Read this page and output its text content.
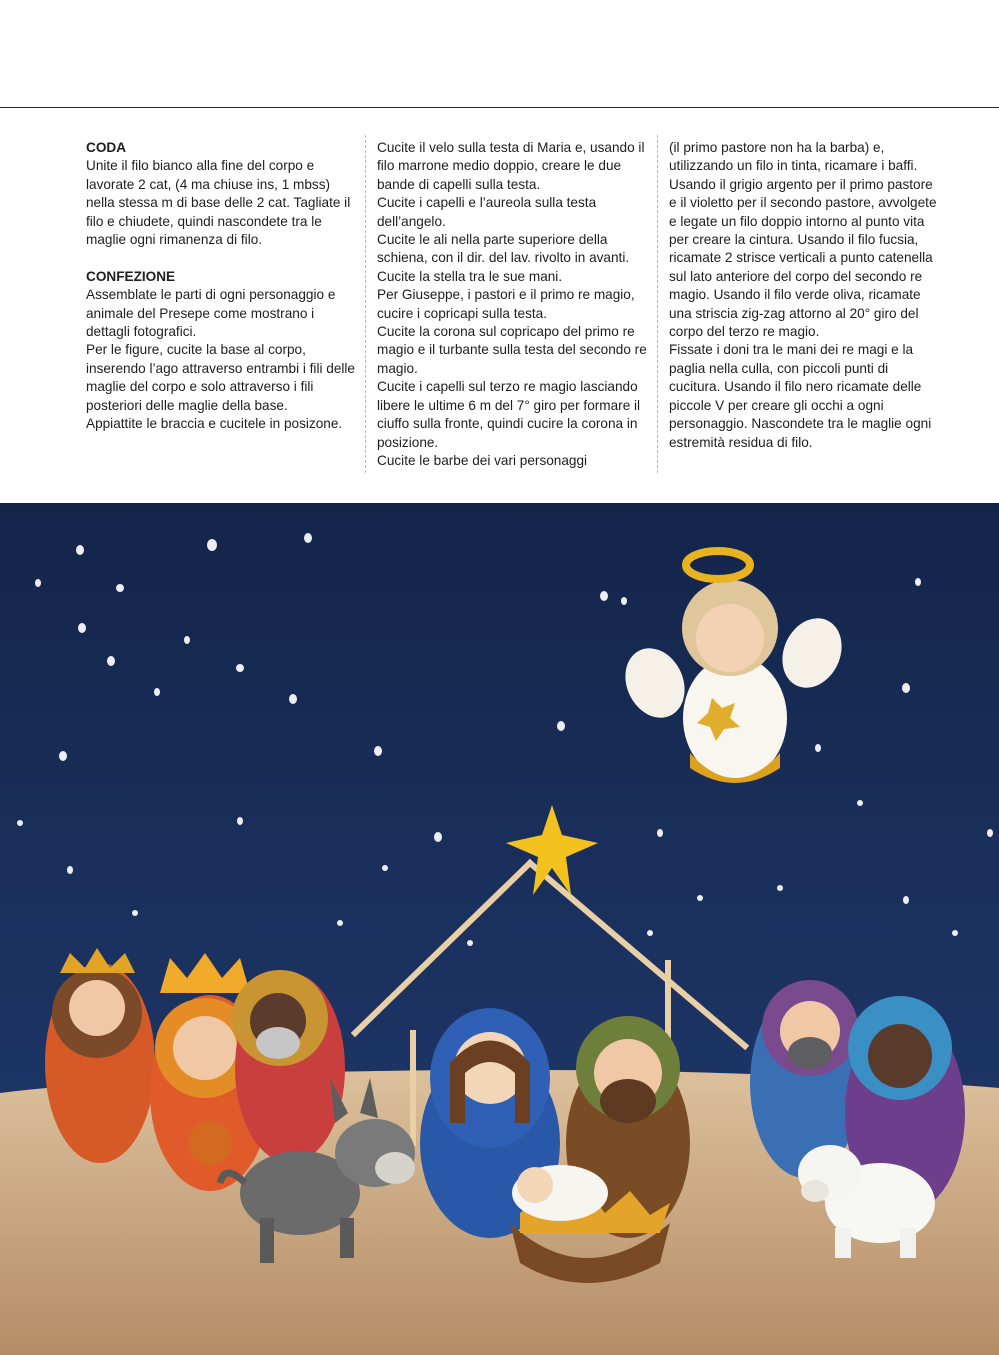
CODA

Unite il filo bianco alla fine del corpo e lavorate 2 cat, (4 ma chiuse ins, 1 mbss) nella stessa m di base delle 2 cat. Tagliate il filo e chiudete, quindi nascondete tra le maglie ogni rimanenza di filo.

CONFEZIONE

Assemblate le parti di ogni personaggio e animale del Presepe come mostrano i dettagli fotografici.

Per le figure, cucite la base al corpo, inserendo l’ago attraverso entrambi i fili delle maglie del corpo e solo attraverso i fili posteriori delle maglie della base.

Appiattite le braccia e cucitele in posizone.

Cucite il velo sulla testa di Maria e, usando il filo marrone medio doppio, creare le due bande di capelli sulla testa.

Cucite i capelli e l’aureola sulla testa dell’angelo.

Cucite le ali nella parte superiore della schiena, con il dir. del lav. rivolto in avanti.

Cucite la stella tra le sue mani.

Per Giuseppe, i pastori e il primo re magio, cucire i copricapi sulla testa.

Cucite la corona sul copricapo del primo re magio e il turbante sulla testa del secondo re magio.

Cucite i capelli sul terzo re magio lasciando libere le ultime 6 m del 7° giro per formare il ciuffo sulla fronte, quindi cucire la corona in posizione.

Cucite le barbe dei vari personaggi

(il primo pastore non ha la barba) e, utilizzando un filo in tinta, ricamare i baffi. Usando il grigio argento per il primo pastore e il violetto per il secondo pastore, avvolgete e legate un filo doppio intorno al punto vita per creare la cintura. Usando il filo fucsia, ricamate 2 strisce verticali a punto catenella sul lato anteriore del corpo del secondo re magio. Usando il filo verde oliva, ricamate una striscia zig-zag attorno al 20° giro del corpo del terzo re magio.

Fissate i doni tra le mani dei re magi e la paglia nella culla, con piccoli punti di cucitura. Usando il filo nero ricamate delle piccole V per creare gli occhi a ogni personaggio. Nascondete tra le maglie ogni estremità residua di filo.
